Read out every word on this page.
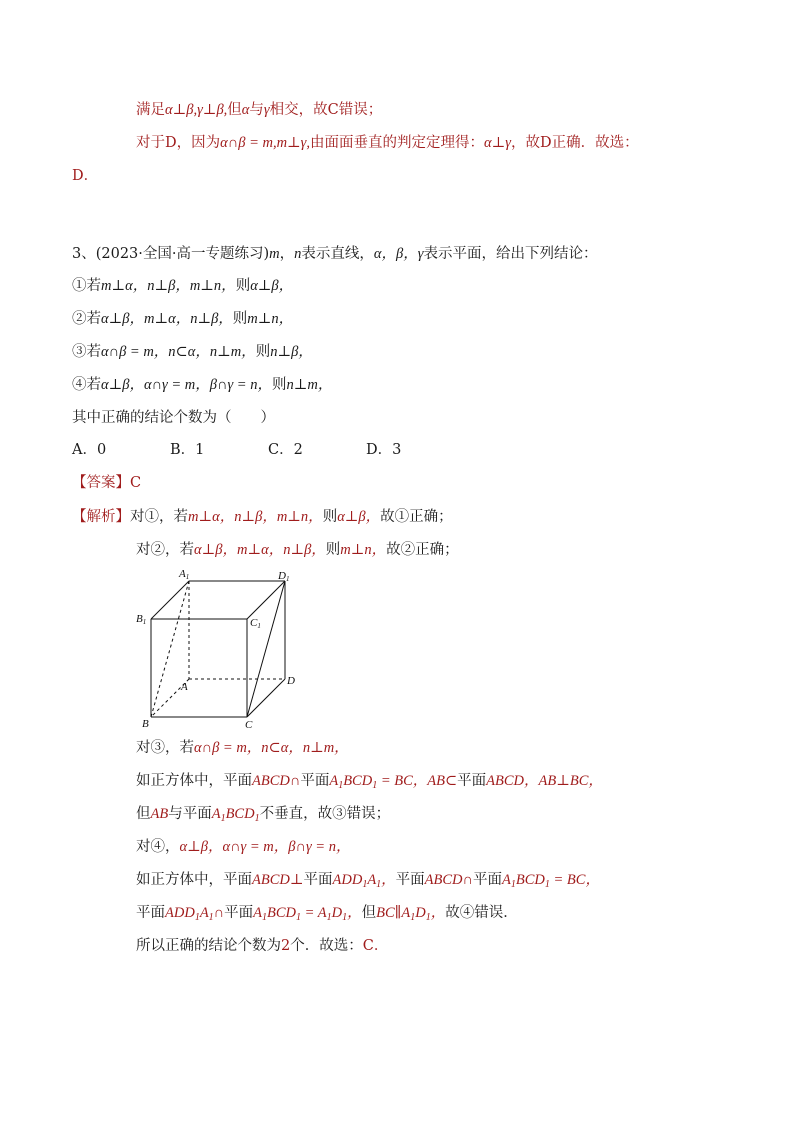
满足α⊥β,γ⊥β,但α与γ相交，故C错误；
对于D，因为α∩β = m,m⊥γ,由面面垂直的判定定理得：α⊥γ，故D正确．故选：
D．
3、(2023·全国·高一专题练习)m，n表示直线，α，β，γ表示平面，给出下列结论：
①若m⊥α，n⊥β，m⊥n，则α⊥β，
②若α⊥β，m⊥α，n⊥β，则m⊥n，
③若α∩β = m，n⊂α，n⊥m，则n⊥β，
④若α⊥β，α∩γ = m，β∩γ = n，则n⊥m，
其中正确的结论个数为（　　）
A．0	B．1	C．2	D．3
【答案】C
【解析】对①，若m⊥α，n⊥β，m⊥n，则α⊥β，故①正确；
对②，若α⊥β，m⊥α，n⊥β，则m⊥n，故②正确；
A1	D1
B1	C1
A	D
B	C
对③，若α∩β = m，n⊂α，n⊥m，
如正方体中，平面ABCD∩平面$A_1BCD_1$ = BC，AB⊂平面ABCD，AB⊥BC，
但AB与平面$A_1BCD_1$不垂直，故③错误；
对④，α⊥β，α∩γ = m，β∩γ = n，
如正方体中，平面ABCD⊥平面$ADD_1A_1$，平面ABCD∩平面$A_1BCD_1$ = BC，
平面$ADD_1A_1\cap$平面$A_1BCD_1 = A_1D_1$，但$BC\parallel A_1D_1$，故④错误．
所以正确的结论个数为2个．故选：C．
